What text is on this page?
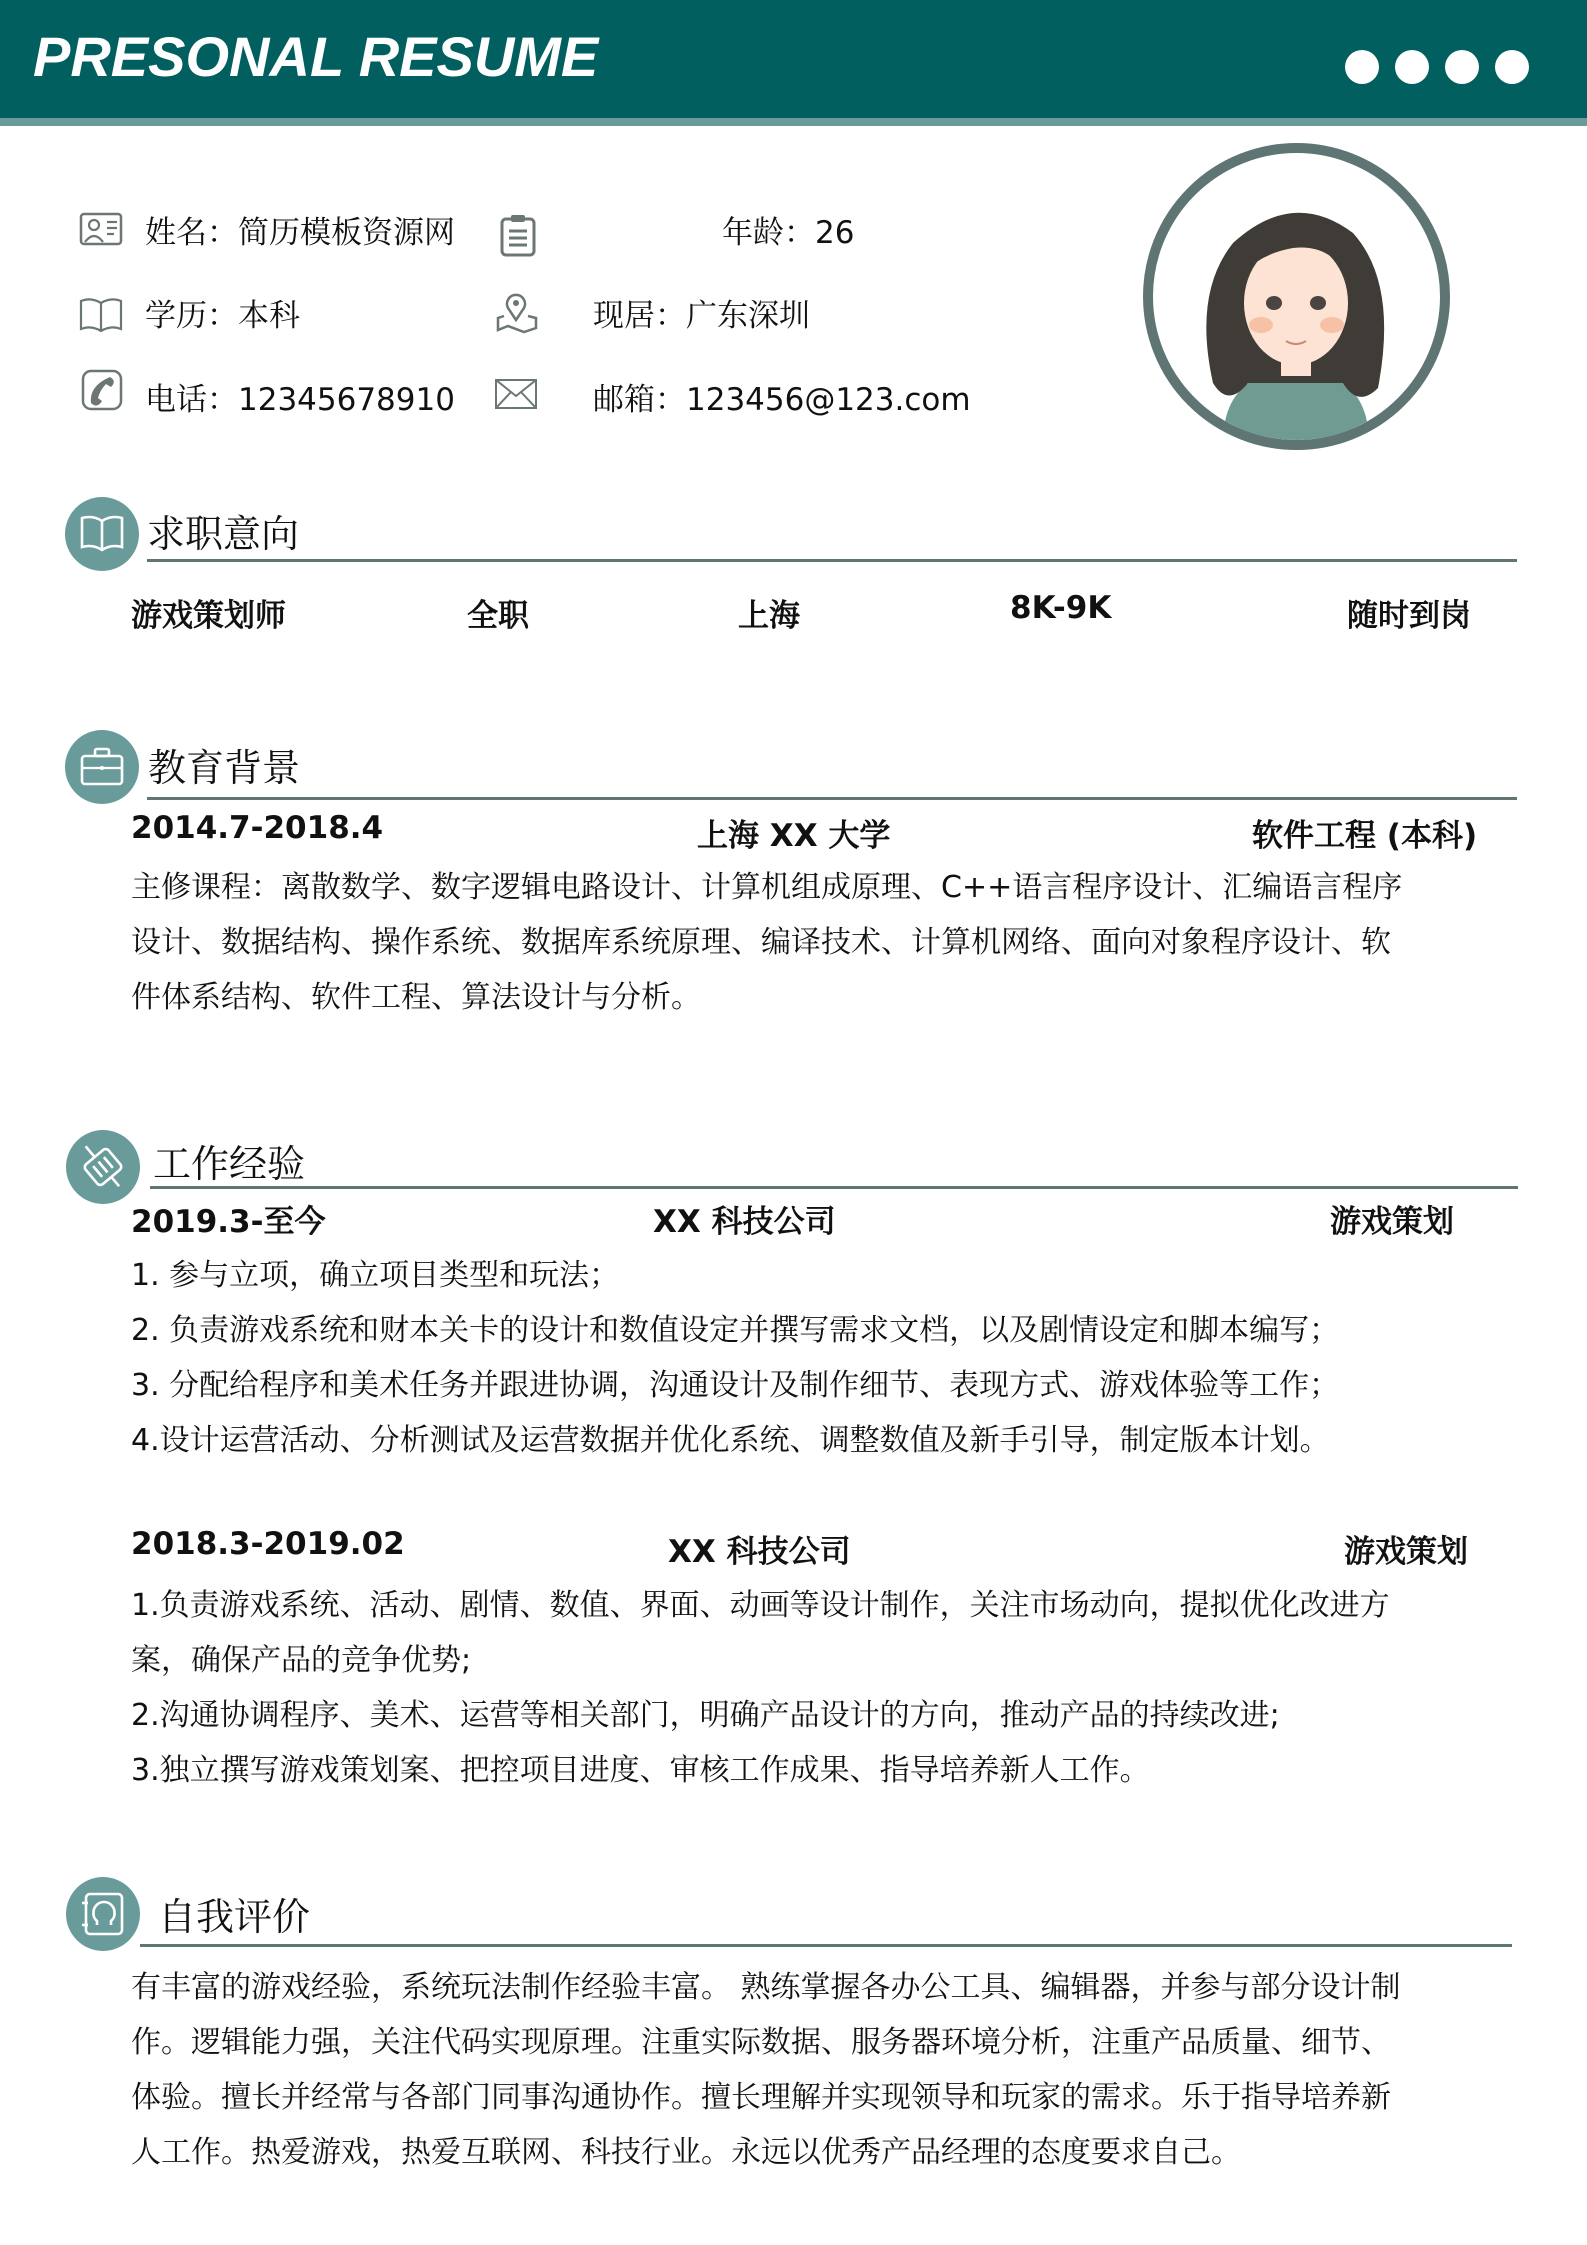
PRESONAL RESUME
姓名：简历模板资源网	年龄：26
学历：本科	现居：广东深圳
电话：12345678910	邮箱：123456@123.com
求职意向
游戏策划师	全职	上海	8K-9K	随时到岗
教育背景
2014.7-2018.4	上海 XX 大学	软件工程 (本科)
主修课程：离散数学、数字逻辑电路设计、计算机组成原理、C++语言程序设计、汇编语言程序
设计、数据结构、操作系统、数据库系统原理、编译技术、计算机网络、面向对象程序设计、软
件体系结构、软件工程、算法设计与分析。
工作经验
2019.3-至今	XX 科技公司	游戏策划
1. 参与立项，确立项目类型和玩法；
2. 负责游戏系统和财本关卡的设计和数值设定并撰写需求文档，以及剧情设定和脚本编写；
3. 分配给程序和美术任务并跟进协调，沟通设计及制作细节、表现方式、游戏体验等工作；
4.设计运营活动、分析测试及运营数据并优化系统、调整数值及新手引导，制定版本计划。
2018.3-2019.02	XX 科技公司	游戏策划
1.负责游戏系统、活动、剧情、数值、界面、动画等设计制作，关注市场动向，提拟优化改进方
案，确保产品的竞争优势;
2.沟通协调程序、美术、运营等相关部门，明确产品设计的方向，推动产品的持续改进;
3.独立撰写游戏策划案、把控项目进度、审核工作成果、指导培养新人工作。
自我评价
有丰富的游戏经验，系统玩法制作经验丰富。 熟练掌握各办公工具、编辑器，并参与部分设计制
作。逻辑能力强，关注代码实现原理。注重实际数据、服务器环境分析，注重产品质量、细节、
体验。擅长并经常与各部门同事沟通协作。擅长理解并实现领导和玩家的需求。乐于指导培养新
人工作。热爱游戏，热爱互联网、科技行业。永远以优秀产品经理的态度要求自己。
